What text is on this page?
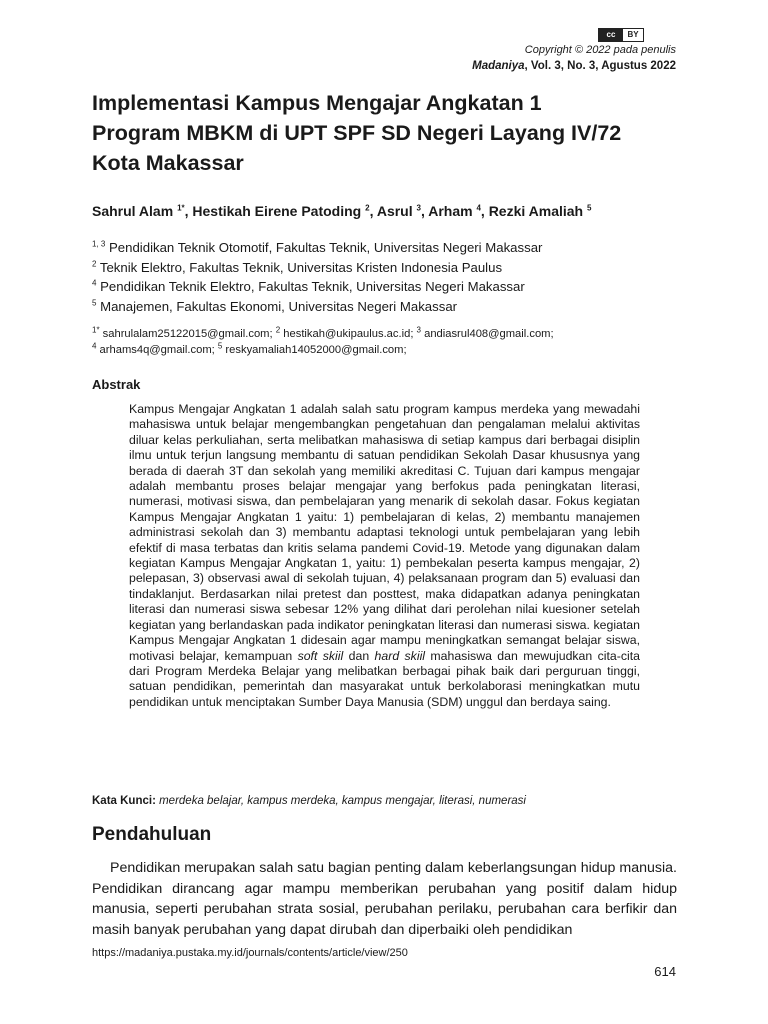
cc	BY
Copyright © 2022 pada penulis
Madaniya, Vol. 3, No. 3, Agustus 2022
Implementasi Kampus Mengajar Angkatan 1
Program MBKM di UPT SPF SD Negeri Layang IV/72
Kota Makassar
Sahrul Alam $^{1*}$, Hestikah Eirene Patoding $^2$, Asrul $^3$, Arham $^4$, Rezki Amaliah $^5$
$^{1, 3}$ Pendidikan Teknik Otomotif, Fakultas Teknik, Universitas Negeri Makassar
$^2$ Teknik Elektro, Fakultas Teknik, Universitas Kristen Indonesia Paulus
$^4$ Pendidikan Teknik Elektro, Fakultas Teknik, Universitas Negeri Makassar
$^5$ Manajemen, Fakultas Ekonomi, Universitas Negeri Makassar
$^{1*}$ sahrulalam25122015@gmail.com; $^2$ hestikah@ukipaulus.ac.id; $^3$ andiasrul408@gmail.com;
$^4$ arhams4q@gmail.com; $^5$ reskyamaliah14052000@gmail.com;
Abstrak
Kampus Mengajar Angkatan 1 adalah salah satu program kampus merdeka yang mewadahi mahasiswa untuk belajar mengembangkan pengetahuan dan pengalaman melalui aktivitas diluar kelas perkuliahan, serta melibatkan mahasiswa di setiap kampus dari berbagai disiplin ilmu untuk terjun langsung membantu di satuan pendidikan Sekolah Dasar khususnya yang berada di daerah 3T dan sekolah yang memiliki akreditasi C. Tujuan dari kampus mengajar adalah membantu proses belajar mengajar yang berfokus pada peningkatan literasi, numerasi, motivasi siswa, dan pembelajaran yang menarik di sekolah dasar. Fokus kegiatan Kampus Mengajar Angkatan 1 yaitu: 1) pembelajaran di kelas, 2) membantu manajemen administrasi sekolah dan 3) membantu adaptasi teknologi untuk pembelajaran yang lebih efektif di masa terbatas dan kritis selama pandemi Covid-19. Metode yang digunakan dalam kegiatan Kampus Mengajar Angkatan 1, yaitu: 1) pembekalan peserta kampus mengajar, 2) pelepasan, 3) observasi awal di sekolah tujuan, 4) pelaksanaan program dan 5) evaluasi dan tindaklanjut. Berdasarkan nilai pretest dan posttest, maka didapatkan adanya peningkatan literasi dan numerasi siswa sebesar 12% yang dilihat dari perolehan nilai kuesioner setelah kegiatan yang berlandaskan pada indikator peningkatan literasi dan numerasi siswa. kegiatan Kampus Mengajar Angkatan 1 didesain agar mampu meningkatkan semangat belajar siswa, motivasi belajar, kemampuan soft skiil dan hard skiil mahasiswa dan mewujudkan cita-cita dari Program Merdeka Belajar yang melibatkan berbagai pihak baik dari perguruan tinggi, satuan pendidikan, pemerintah dan masyarakat untuk berkolaborasi meningkatkan mutu pendidikan untuk menciptakan Sumber Daya Manusia (SDM) unggul dan berdaya saing.
Kata Kunci: merdeka belajar, kampus merdeka, kampus mengajar, literasi, numerasi
Pendahuluan

Pendidikan merupakan salah satu bagian penting dalam keberlangsungan hidup manusia. Pendidikan dirancang agar mampu memberikan perubahan yang positif dalam hidup manusia, seperti perubahan strata sosial, perubahan perilaku, perubahan cara berfikir dan masih banyak perubahan yang dapat dirubah dan diperbaiki oleh pendidikan

https://madaniya.pustaka.my.id/journals/contents/article/view/250
614
